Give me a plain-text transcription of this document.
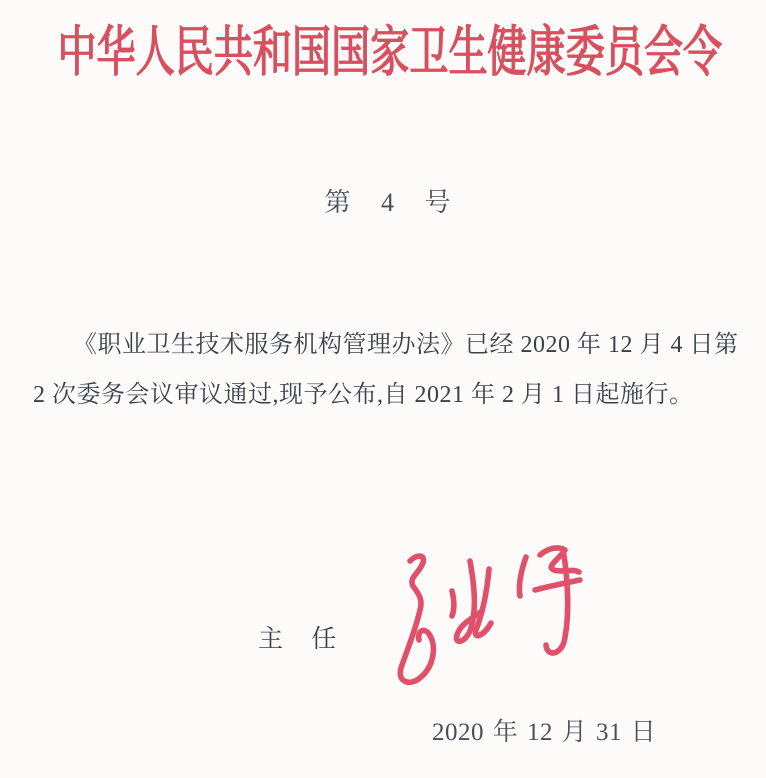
中华人民共和国国家卫生健康委员会令
第 4 号
《职业卫生技术服务机构管理办法》已经 2020 年 12 月 4 日第
2 次委务会议审议通过,现予公布,自 2021 年 2 月 1 日起施行。
主 任
2020 年 12 月 31 日
